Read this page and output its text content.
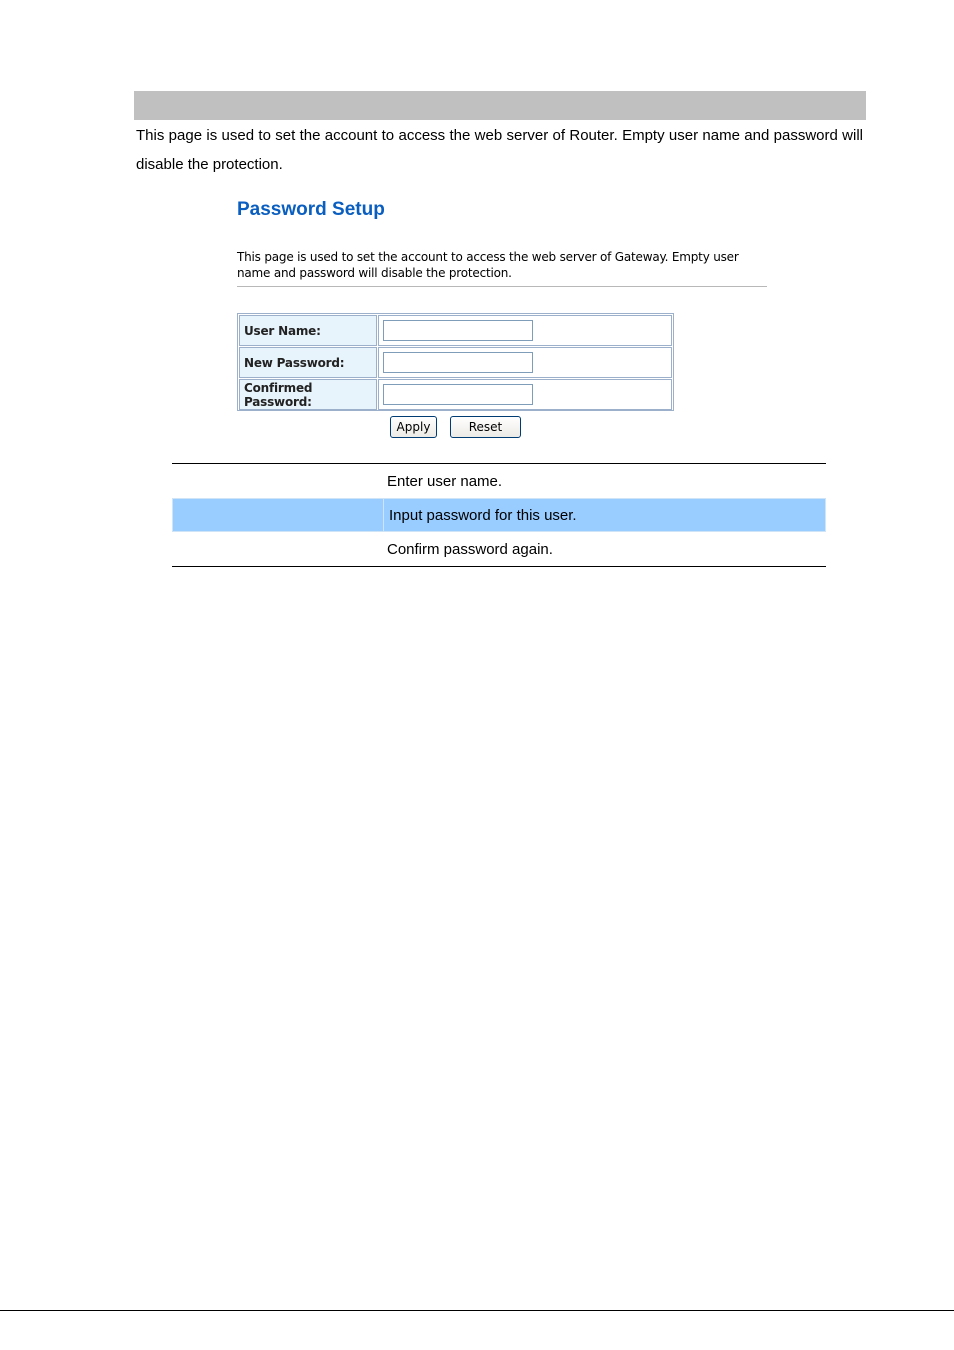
This page is used to set the account to access the web server of Router. Empty user name and password will disable the protection.

Password Setup

This page is used to set the account to access the web server of Gateway. Empty user name and password will disable the protection.

User Name:
New Password:
Confirmed Password:
Apply	Reset
Enter user name.
Input password for this user.
Confirm password again.
